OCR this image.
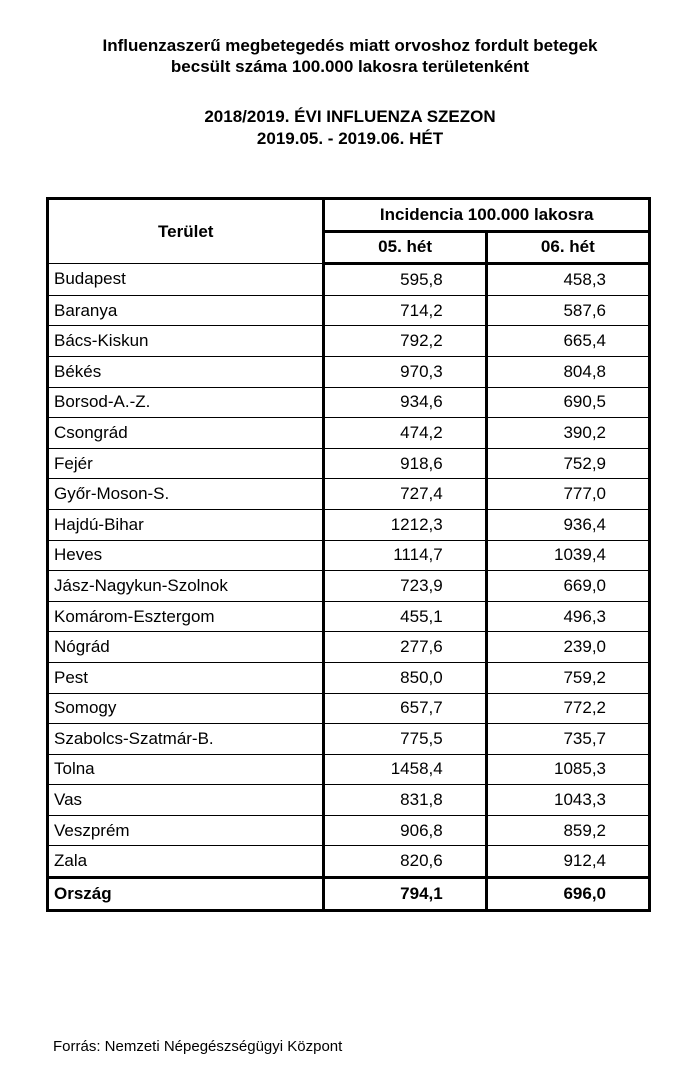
Influenzaszerű megbetegedés miatt orvoshoz fordult betegek
becsült száma 100.000 lakosra területenként
2018/2019. ÉVI INFLUENZA SZEZON
2019.05. - 2019.06. HÉT
Terület	Incidencia 100.000 lakosra	
	05. hét	06. hét
Budapest	595,8	458,3
Baranya	714,2	587,6
Bács-Kiskun	792,2	665,4
Békés	970,3	804,8
Borsod-A.-Z.	934,6	690,5
Csongrád	474,2	390,2
Fejér	918,6	752,9
Győr-Moson-S.	727,4	777,0
Hajdú-Bihar	1212,3	936,4
Heves	1114,7	1039,4
Jász-Nagykun-Szolnok	723,9	669,0
Komárom-Esztergom	455,1	496,3
Nógrád	277,6	239,0
Pest	850,0	759,2
Somogy	657,7	772,2
Szabolcs-Szatmár-B.	775,5	735,7
Tolna	1458,4	1085,3
Vas	831,8	1043,3
Veszprém	906,8	859,2
Zala	820,6	912,4
Ország	794,1	696,0
Forrás: Nemzeti Népegészségügyi Központ
